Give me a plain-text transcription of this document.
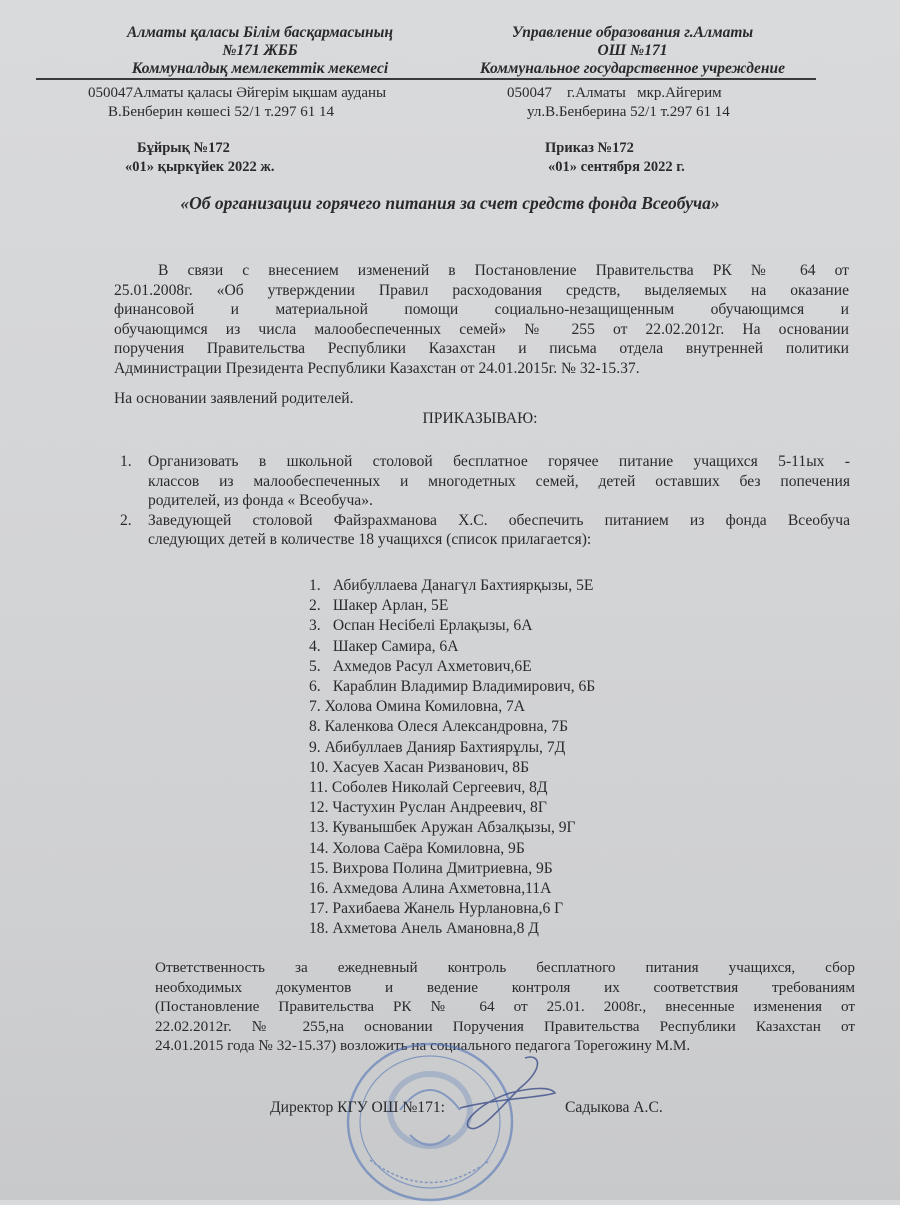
Алматы қаласы Білім басқармасының
№171 ЖББ
Коммуналдық мемлекеттік мекемесі
Управление образования г.Алматы
ОШ №171
Коммунальное государственное учреждение
050047Алматы қаласы Әйгерім ықшам ауданы
В.Бенберин көшесі 52/1 т.297 61 14
050047    г.Алматы   мкр.Айгерим
ул.В.Бенберина 52/1 т.297 61 14
Бұйрық №172
«01» қыркүйек 2022 ж.
Приказ №172
«01» сентября 2022 г.
«Об организации горячего питания за счет средств фонда Всеобуча»
В связи с внесением изменений в Постановление Правительства РК № 64 от
25.01.2008г. «Об утверждении Правил расходования средств, выделяемых на оказание
финансовой и материальной помощи социально-незащищенным обучающимся и
обучающимся из числа малообеспеченных семей» № 255 от 22.02.2012г. На основании
поручения Правительства Республики Казахстан и письма отдела внутренней политики
Администрации Президента Республики Казахстан от 24.01.2015г. № 32-15.37.
На основании заявлений родителей.
ПРИКАЗЫВАЮ:
1. Организовать в школьной столовой бесплатное горячее питание учащихся 5-11ых -
классов из малообеспеченных и многодетных семей, детей оставших без попечения
родителей, из фонда « Всеобуча».
2. Заведующей столовой Файзрахманова Х.С. обеспечить питанием из фонда Всеобуча
следующих детей в количестве 18 учащихся (список прилагается):
1. Абибуллаева Данагүл Бахтиярқызы, 5Е
2. Шакер Арлан, 5Е
3. Оспан Несібелі Ерлақызы, 6А
4. Шакер Самира, 6А
5. Ахмедов Расул Ахметович,6Е
6. Караблин Владимир Владимирович, 6Б
7. Холова Омина Комиловна, 7А
8. Каленкова Олеся Александровна, 7Б
9. Абибуллаев Данияр Бахтиярұлы, 7Д
10. Хасуев Хасан Ризванович, 8Б
11. Соболев Николай Сергеевич, 8Д
12. Частухин Руслан Андреевич, 8Г
13. Куванышбек Аружан Абзалқызы, 9Г
14. Холова Саёра Комиловна, 9Б
15. Вихрова Полина Дмитриевна, 9Б
16. Ахмедова Алина Ахметовна,11А
17. Рахибаева Жанель Нурлановна,6 Г
18. Ахметова Анель Амановна,8 Д
Ответственность за ежедневный контроль бесплатного питания учащихся, сбор
необходимых документов и ведение контроля их соответствия требованиям
(Постановление Правительства РК № 64 от 25.01. 2008г., внесенные изменения от
22.02.2012г. № 255,на основании Поручения Правительства Республики Казахстан от
24.01.2015 года № 32-15.37) возложить на социального педагога Торегожину М.М.
Директор КГУ ОШ №171:	Садыкова А.С.
